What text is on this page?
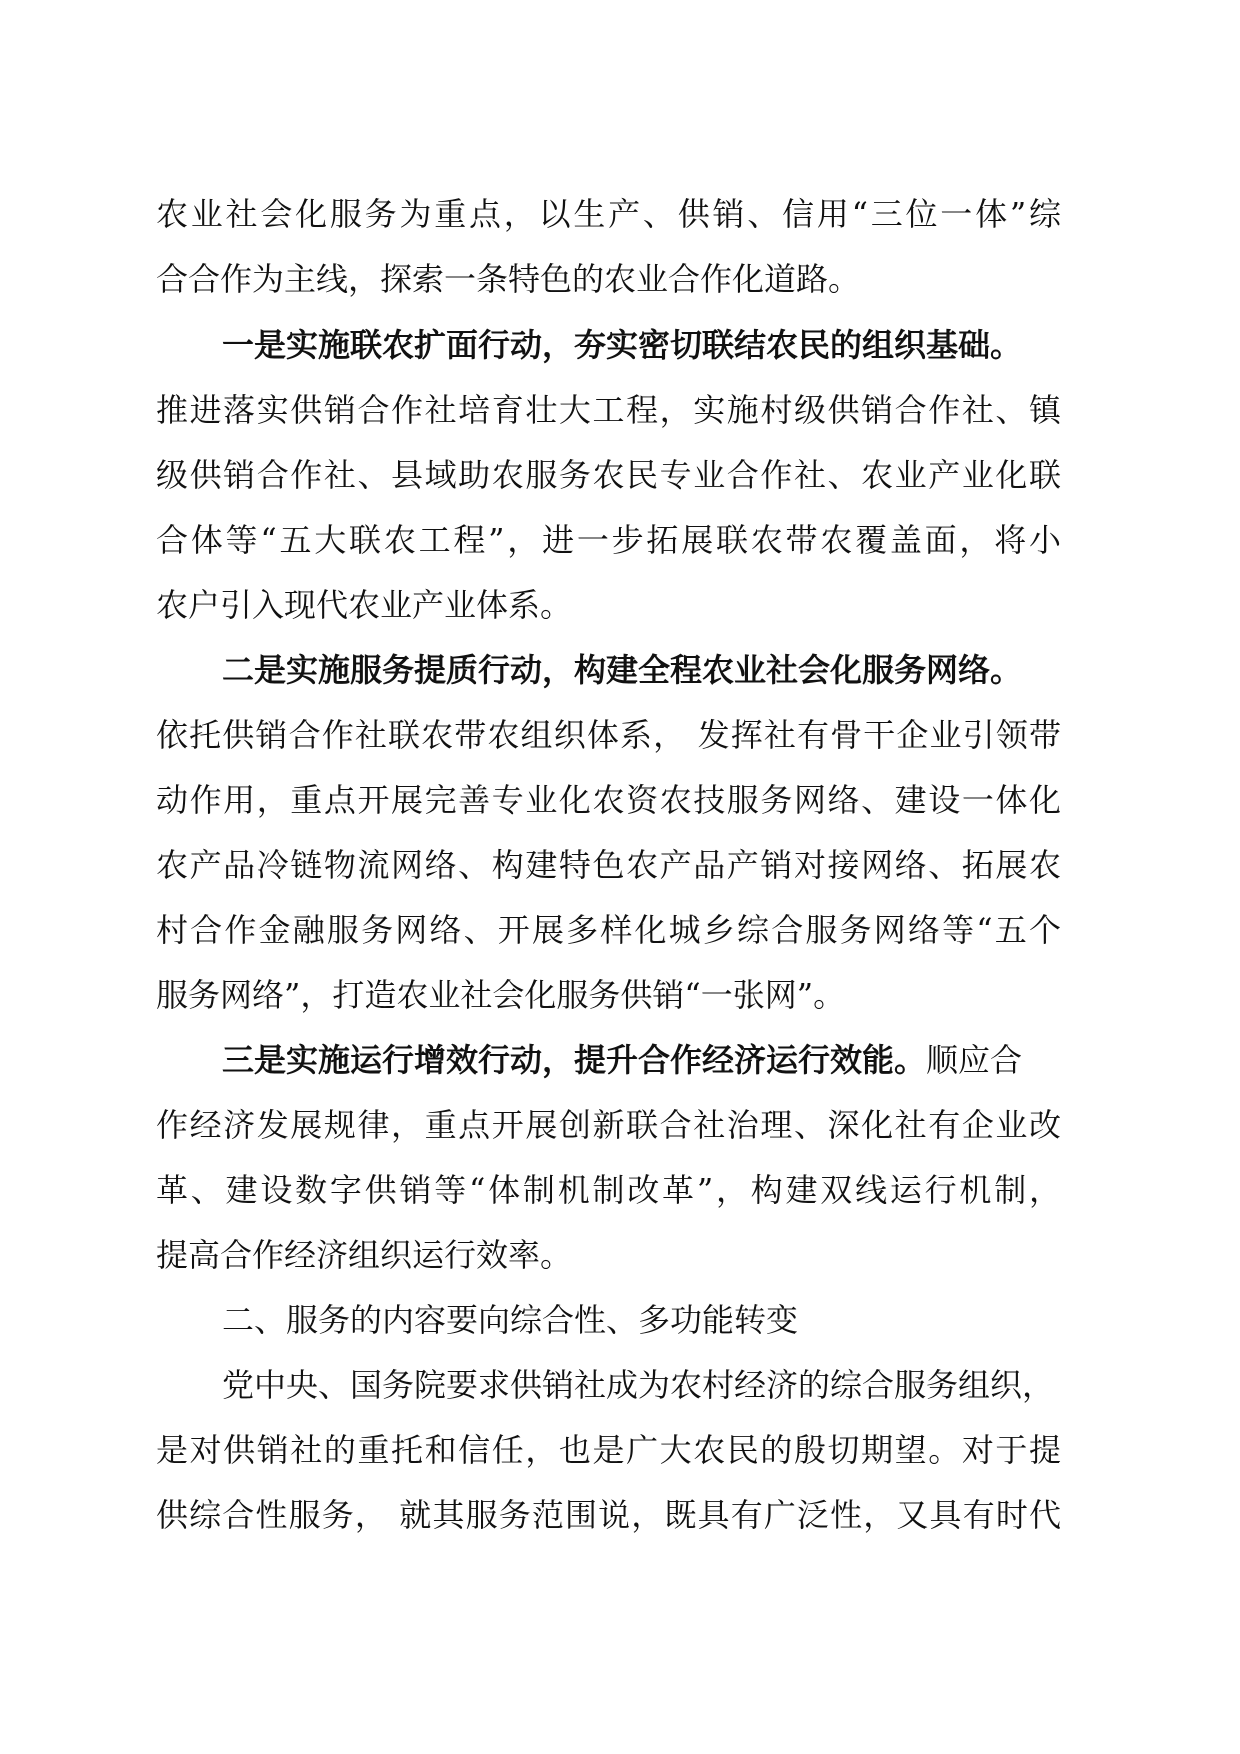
农业社会化服务为重点，以生产、供销、信用“三位一体”综
合合作为主线，探索一条特色的农业合作化道路。
一是实施联农扩面行动，夯实密切联结农民的组织基础。
推进落实供销合作社培育壮大工程，实施村级供销合作社、镇
级供销合作社、县域助农服务农民专业合作社、农业产业化联
合体等“五大联农工程”，进一步拓展联农带农覆盖面，将小
农户引入现代农业产业体系。
二是实施服务提质行动，构建全程农业社会化服务网络。
依托供销合作社联农带农组织体系， 发挥社有骨干企业引领带
动作用，重点开展完善专业化农资农技服务网络、建设一体化
农产品冷链物流网络、构建特色农产品产销对接网络、拓展农
村合作金融服务网络、开展多样化城乡综合服务网络等“五个
服务网络”，打造农业社会化服务供销“一张网”。
三是实施运行增效行动，提升合作经济运行效能。顺应合
作经济发展规律，重点开展创新联合社治理、深化社有企业改
革、建设数字供销等“体制机制改革”，构建双线运行机制，
提高合作经济组织运行效率。
二、服务的内容要向综合性、多功能转变
党中央、国务院要求供销社成为农村经济的综合服务组织，
是对供销社的重托和信任，也是广大农民的殷切期望。对于提
供综合性服务， 就其服务范围说，既具有广泛性，又具有时代
